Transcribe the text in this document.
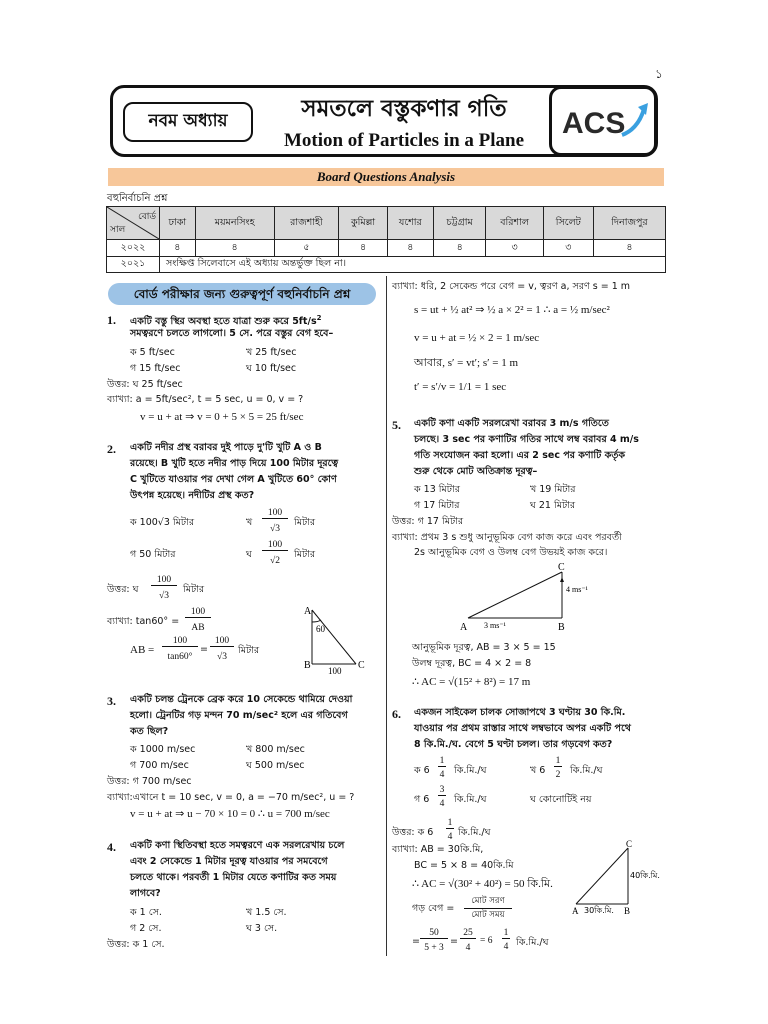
১
নবম অধ্যায়	সমতলে বস্তুকণার গতি
Motion of Particles in a Plane
ACS
Board Questions Analysis
বহুনির্বাচনি প্রশ্ন
বোর্ড
সাল	ঢাকা	ময়মনসিংহ	রাজশাহী	কুমিল্লা	যশোর	চট্টগ্রাম	বরিশাল	সিলেট	দিনাজপুর
২০২২	৪	৪	৫	৪	৪	৪	৩	৩	৪
২০২১	সংক্ষিপ্ত সিলেবাসে এই অধ্যায় অন্তর্ভুক্ত ছিল না।								
বোর্ড পরীক্ষার জন্য গুরুত্বপূর্ণ বহুনির্বাচনি প্রশ্ন
1. একটি বস্তু স্থির অবস্থা হতে যাত্রা শুরু করে $5ft/s^2$
সমত্বরণে চলতে লাগলো। 5 সে. পরে বস্তুর বেগ হবে–
ক 5 ft/sec	খ 25 ft/sec
গ 15 ft/sec	ঘ 10 ft/sec
উত্তর: ঘ 25 ft/sec
ব্যাখ্যা: a = 5ft/sec², t = 5 sec, u = 0, v = ?
v = u + at ⇒ v = 0 + 5 × 5 = 25 ft/sec
2. একটি নদীর প্রস্থ বরাবর দুই পাড়ে দু'টি খুটি A ও B
রয়েছে। B খুটি হতে নদীর পাড় দিয়ে 100 মিটার দূরত্বে
C খুটিতে যাওয়ার পর দেখা গেল A খুটিতে 60° কোণ
উৎপন্ন হয়েছে। নদীটির প্রস্থ কত?
ক 100√3 মিটার	খ
100
√3
মিটার
গ 50 মিটার	ঘ
100
√2
মিটার
উত্তর: ঘ
100
√3
মিটার
ব্যাখ্যা: tan60° =
100
AB
AB =
100
tan60°
=
100
√3
মিটার
A
B	C
60
100
3. একটি চলন্ত ট্রেনকে ব্রেক করে 10 সেকেন্ডে থামিয়ে দেওয়া
হলো। ট্রেনটির গড় মন্দন 70 m/sec² হলে এর গতিবেগ
কত ছিল?
ক 1000 m/sec	খ 800 m/sec
গ 700 m/sec	ঘ 500 m/sec
উত্তর: গ 700 m/sec
ব্যাখ্যা:এখানে t = 10 sec, v = 0, a = −70 m/sec², u = ?
v = u + at ⇒ u − 70 × 10 = 0 ∴ u = 700 m/sec
4. একটি কণা স্থিতিবস্থা হতে সমত্বরণে এক সরলরেখায় চলে
এবং 2 সেকেন্ডে 1 মিটার দূরত্ব যাওয়ার পর সমবেগে
চলতে থাকে। পরবর্তী 1 মিটার যেতে কণাটির কত সময়
লাগবে?
ক 1 সে.	খ 1.5 সে.
গ 2 সে.	ঘ 3 সে.
উত্তর: ক 1 সে.
ব্যাখ্যা: ধরি, 2 সেকেন্ড পরে বেগ = v, ত্বরণ a, সরণ s = 1 m
s = ut + ½ at² ⇒ ½ a × 2² = 1 ∴ a = ½ m/sec²
v = u + at = ½ × 2 = 1 m/sec
আবার, s′ = vt′; s′ = 1 m
t′ = s′/v = 1/1 = 1 sec
5. একটি কণা একটি সরলরেখা বরাবর 3 m/s গতিতে
চলছে। 3 sec পর কণাটির গতির সাথে লম্ব বরাবর 4 m/s
গতি সংযোজন করা হলো। এর 2 sec পর কণাটি কর্তৃক
শুরু থেকে মোট অতিক্রান্ত দূরত্ব–
ক 13 মিটার	খ 19 মিটার
গ 17 মিটার	ঘ 21 মিটার
উত্তর: গ 17 মিটার
ব্যাখ্যা: প্রথম 3 s শুধু আনুভূমিক বেগ কাজ করে এবং পরবর্তী
2s আনুভূমিক বেগ ও উলম্ব বেগ উভয়ই কাজ করে।
A	B
C
3 ms⁻¹
4 ms⁻¹
আনুভূমিক দূরত্ব, AB = 3 × 5 = 15
উলম্ব দূরত্ব, BC = 4 × 2 = 8
∴ AC = √(15² + 8²) = 17 m
6. একজন সাইকেল চালক সোজাপথে 3 ঘণ্টায় 30 কি.মি.
যাওয়ার পর প্রথম রাস্তার সাথে লম্বভাবে অপর একটি পথে
8 কি.মি./ঘ. বেগে 5 ঘণ্টা চলল। তার গড়বেগ কত?
ক 6
1
4 কি.মি./ঘ	খ 6
1
2 কি.মি./ঘ
গ 6
3
4 কি.মি./ঘ	ঘ কোনোটিই নয়
উত্তর: ক 6
1
4 কি.মি./ঘ
ব্যাখ্যা: AB = 30কি.মি,
BC = 5 × 8 = 40কি.মি
∴ AC = √(30² + 40²) = 50 কি.মি.
গড় বেগ =
মোট সরণ
মোট সময়
=
50
5 + 3
=
25
4
= 6
1
4 কি.মি./ঘ
A	B
C
30কি.মি.
40কি.মি.
